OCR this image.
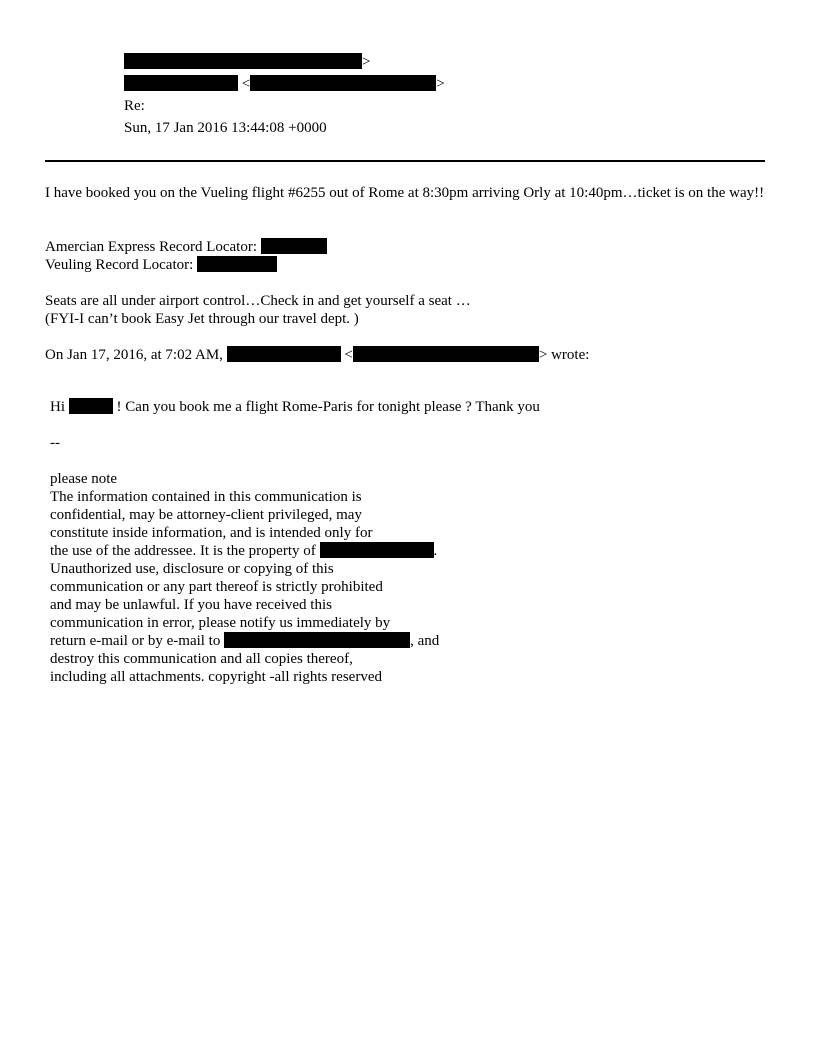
>
<	>
Re:
Sun, 17 Jan 2016 13:44:08 +0000
I have booked you on the Vueling flight #6255 out of Rome at 8:30pm arriving Orly at 10:40pm…ticket is on the way!!
Amercian Express Record Locator:
Veuling Record Locator:
Seats are all under airport control…Check in and get yourself a seat …
(FYI-I can’t book Easy Jet through our travel dept. )
On Jan 17, 2016, at 7:02 AM,	<	> wrote:
Hi	! Can you book me a flight Rome-Paris for tonight please ? Thank you
--
please note
The information contained in this communication is
confidential, may be attorney-client privileged, may
constitute inside information, and is intended only for
the use of the addressee. It is the property of	.
Unauthorized use, disclosure or copying of this
communication or any part thereof is strictly prohibited
and may be unlawful. If you have received this
communication in error, please notify us immediately by
return e-mail or by e-mail to	, and
destroy this communication and all copies thereof,
including all attachments. copyright -all rights reserved
